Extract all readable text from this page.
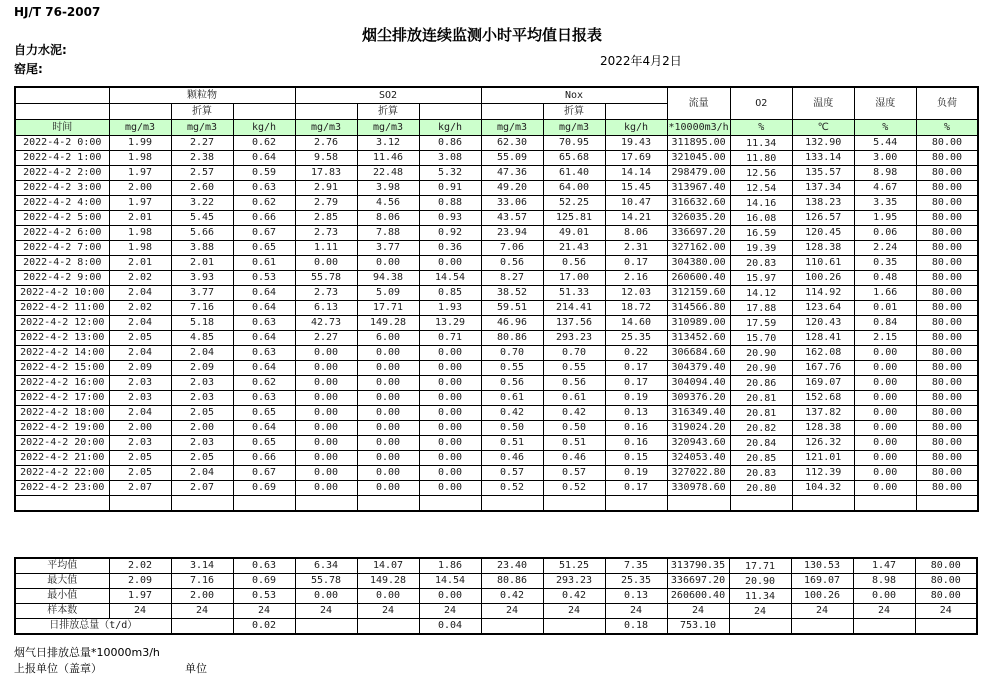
HJ/T 76-2007
烟尘排放连续监测小时平均值日报表
自力水泥:
窑尾:
2022年4月2日
	颗粒物			SO2			Nox			流量	O2	温度	湿度	负荷
		折算			折算			折算						
时间	mg/m3	mg/m3	kg/h	mg/m3	mg/m3	kg/h	mg/m3	mg/m3	kg/h	*10000m3/h	%	℃	%	%
2022-4-2 0:00	1.99	2.27	0.62	2.76	3.12	0.86	62.30	70.95	19.43	311895.00	11.34	132.90	5.44	80.00
2022-4-2 1:00	1.98	2.38	0.64	9.58	11.46	3.08	55.09	65.68	17.69	321045.00	11.80	133.14	3.00	80.00
2022-4-2 2:00	1.97	2.57	0.59	17.83	22.48	5.32	47.36	61.40	14.14	298479.00	12.56	135.57	8.98	80.00
2022-4-2 3:00	2.00	2.60	0.63	2.91	3.98	0.91	49.20	64.00	15.45	313967.40	12.54	137.34	4.67	80.00
2022-4-2 4:00	1.97	3.22	0.62	2.79	4.56	0.88	33.06	52.25	10.47	316632.60	14.16	138.23	3.35	80.00
2022-4-2 5:00	2.01	5.45	0.66	2.85	8.06	0.93	43.57	125.81	14.21	326035.20	16.08	126.57	1.95	80.00
2022-4-2 6:00	1.98	5.66	0.67	2.73	7.88	0.92	23.94	49.01	8.06	336697.20	16.59	120.45	0.06	80.00
2022-4-2 7:00	1.98	3.88	0.65	1.11	3.77	0.36	7.06	21.43	2.31	327162.00	19.39	128.38	2.24	80.00
2022-4-2 8:00	2.01	2.01	0.61	0.00	0.00	0.00	0.56	0.56	0.17	304380.00	20.83	110.61	0.35	80.00
2022-4-2 9:00	2.02	3.93	0.53	55.78	94.38	14.54	8.27	17.00	2.16	260600.40	15.97	100.26	0.48	80.00
2022-4-2 10:00	2.04	3.77	0.64	2.73	5.09	0.85	38.52	51.33	12.03	312159.60	14.12	114.92	1.66	80.00
2022-4-2 11:00	2.02	7.16	0.64	6.13	17.71	1.93	59.51	214.41	18.72	314566.80	17.88	123.64	0.01	80.00
2022-4-2 12:00	2.04	5.18	0.63	42.73	149.28	13.29	46.96	137.56	14.60	310989.00	17.59	120.43	0.84	80.00
2022-4-2 13:00	2.05	4.85	0.64	2.27	6.00	0.71	80.86	293.23	25.35	313452.60	15.70	128.41	2.15	80.00
2022-4-2 14:00	2.04	2.04	0.63	0.00	0.00	0.00	0.70	0.70	0.22	306684.60	20.90	162.08	0.00	80.00
2022-4-2 15:00	2.09	2.09	0.64	0.00	0.00	0.00	0.55	0.55	0.17	304379.40	20.90	167.76	0.00	80.00
2022-4-2 16:00	2.03	2.03	0.62	0.00	0.00	0.00	0.56	0.56	0.17	304094.40	20.86	169.07	0.00	80.00
2022-4-2 17:00	2.03	2.03	0.63	0.00	0.00	0.00	0.61	0.61	0.19	309376.20	20.81	152.68	0.00	80.00
2022-4-2 18:00	2.04	2.05	0.65	0.00	0.00	0.00	0.42	0.42	0.13	316349.40	20.81	137.82	0.00	80.00
2022-4-2 19:00	2.00	2.00	0.64	0.00	0.00	0.00	0.50	0.50	0.16	319024.20	20.82	128.38	0.00	80.00
2022-4-2 20:00	2.03	2.03	0.65	0.00	0.00	0.00	0.51	0.51	0.16	320943.60	20.84	126.32	0.00	80.00
2022-4-2 21:00	2.05	2.05	0.66	0.00	0.00	0.00	0.46	0.46	0.15	324053.40	20.85	121.01	0.00	80.00
2022-4-2 22:00	2.05	2.04	0.67	0.00	0.00	0.00	0.57	0.57	0.19	327022.80	20.83	112.39	0.00	80.00
2022-4-2 23:00	2.07	2.07	0.69	0.00	0.00	0.00	0.52	0.52	0.17	330978.60	20.80	104.32	0.00	80.00

平均值	2.02	3.14	0.63	6.34	14.07	1.86	23.40	51.25	7.35	313790.35	17.71	130.53	1.47	80.00
最大值	2.09	7.16	0.69	55.78	149.28	14.54	80.86	293.23	25.35	336697.20	20.90	169.07	8.98	80.00
最小值	1.97	2.00	0.53	0.00	0.00	0.00	0.42	0.42	0.13	260600.40	11.34	100.26	0.00	80.00
样本数	24	24	24	24	24	24	24	24	24	24	24	24	24	24
日排放总量（t/d）			0.02			0.04			0.18	753.10				
烟气日排放总量*10000m3/h
上报单位（盖章）	单位
